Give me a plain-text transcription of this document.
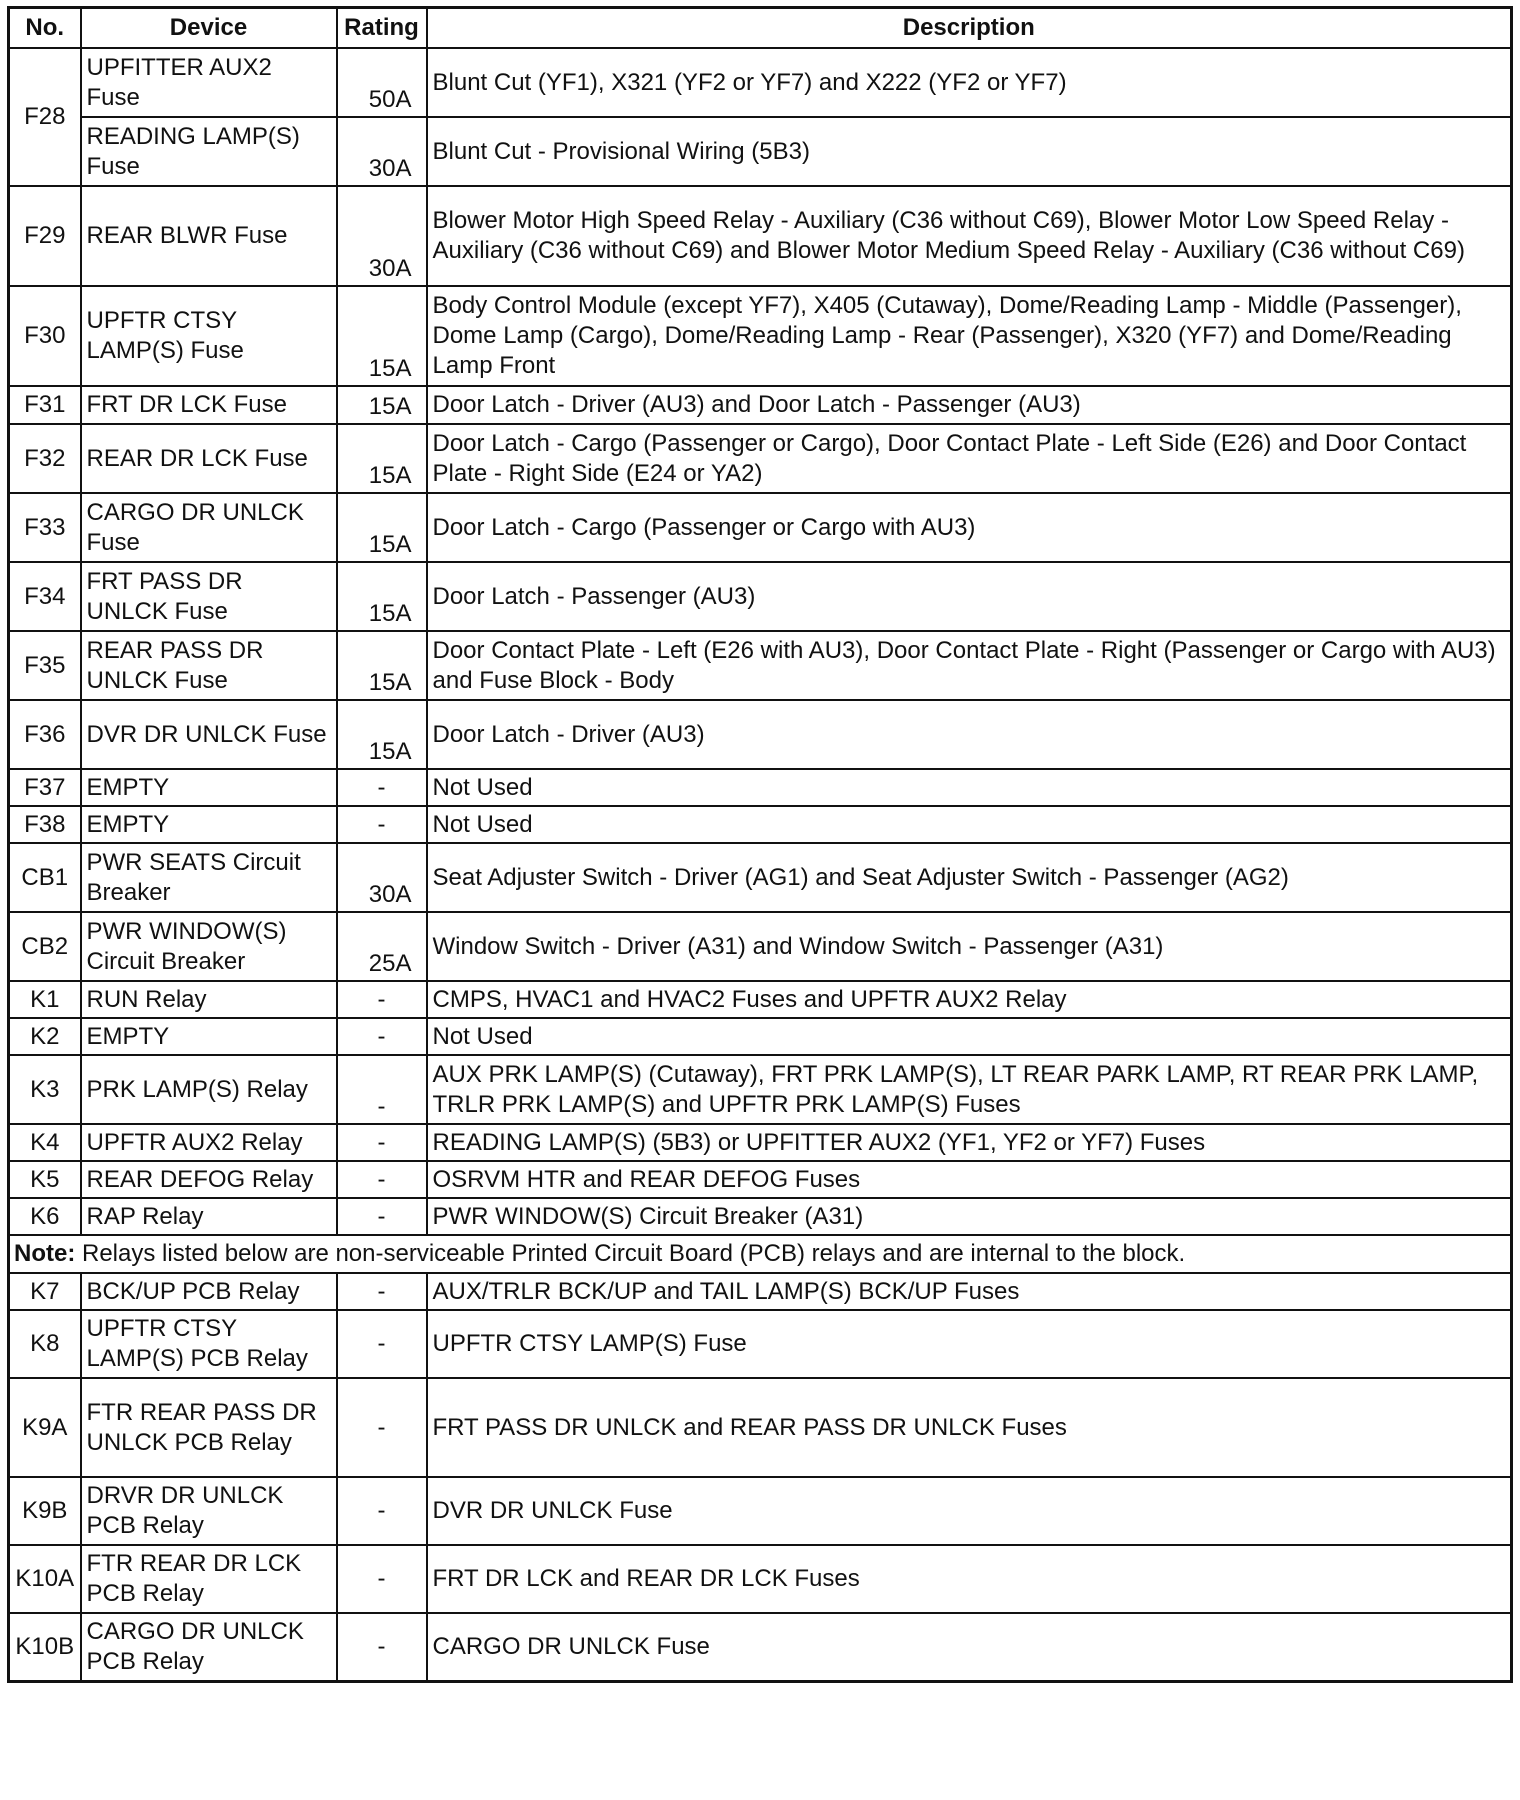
No.	Device	Rating	Description
F28	UPFITTER AUX2 Fuse	50A	Blunt Cut (YF1), X321 (YF2 or YF7) and X222 (YF2 or YF7)
	READING LAMP(S) Fuse	30A	Blunt Cut - Provisional Wiring (5B3)
F29	REAR BLWR Fuse	30A	Blower Motor High Speed Relay - Auxiliary (C36 without C69), Blower Motor Low Speed Relay - Auxiliary (C36 without C69) and Blower Motor Medium Speed Relay - Auxiliary (C36 without C69)
F30	UPFTR CTSY LAMP(S) Fuse	15A	Body Control Module (except YF7), X405 (Cutaway), Dome/Reading Lamp - Middle (Passenger), Dome Lamp (Cargo), Dome/Reading Lamp - Rear (Passenger), X320 (YF7) and Dome/Reading Lamp Front
F31	FRT DR LCK Fuse	15A	Door Latch - Driver (AU3) and Door Latch - Passenger (AU3)
F32	REAR DR LCK Fuse	15A	Door Latch - Cargo (Passenger or Cargo), Door Contact Plate - Left Side (E26) and Door Contact Plate - Right Side (E24 or YA2)
F33	CARGO DR UNLCK Fuse	15A	Door Latch - Cargo (Passenger or Cargo with AU3)
F34	FRT PASS DR UNLCK Fuse	15A	Door Latch - Passenger (AU3)
F35	REAR PASS DR UNLCK Fuse	15A	Door Contact Plate - Left (E26 with AU3), Door Contact Plate - Right (Passenger or Cargo with AU3) and Fuse Block - Body
F36	DVR DR UNLCK Fuse	15A	Door Latch - Driver (AU3)
F37	EMPTY	-	Not Used
F38	EMPTY	-	Not Used
CB1	PWR SEATS Circuit Breaker	30A	Seat Adjuster Switch - Driver (AG1) and Seat Adjuster Switch - Passenger (AG2)
CB2	PWR WINDOW(S) Circuit Breaker	25A	Window Switch - Driver (A31) and Window Switch - Passenger (A31)
K1	RUN Relay	-	CMPS, HVAC1 and HVAC2 Fuses and UPFTR AUX2 Relay
K2	EMPTY	-	Not Used
K3	PRK LAMP(S) Relay	-	AUX PRK LAMP(S) (Cutaway), FRT PRK LAMP(S), LT REAR PARK LAMP, RT REAR PRK LAMP, TRLR PRK LAMP(S) and UPFTR PRK LAMP(S) Fuses
K4	UPFTR AUX2 Relay	-	READING LAMP(S) (5B3) or UPFITTER AUX2 (YF1, YF2 or YF7) Fuses
K5	REAR DEFOG Relay	-	OSRVM HTR and REAR DEFOG Fuses
K6	RAP Relay	-	PWR WINDOW(S) Circuit Breaker (A31)
Note: Relays listed below are non-serviceable Printed Circuit Board (PCB) relays and are internal to the block.			
K7	BCK/UP PCB Relay	-	AUX/TRLR BCK/UP and TAIL LAMP(S) BCK/UP Fuses
K8	UPFTR CTSY LAMP(S) PCB Relay	-	UPFTR CTSY LAMP(S) Fuse
K9A	FTR REAR PASS DR UNLCK PCB Relay	-	FRT PASS DR UNLCK and REAR PASS DR UNLCK Fuses
K9B	DRVR DR UNLCK PCB Relay	-	DVR DR UNLCK Fuse
K10A	FTR REAR DR LCK PCB Relay	-	FRT DR LCK and REAR DR LCK Fuses
K10B	CARGO DR UNLCK PCB Relay	-	CARGO DR UNLCK Fuse
